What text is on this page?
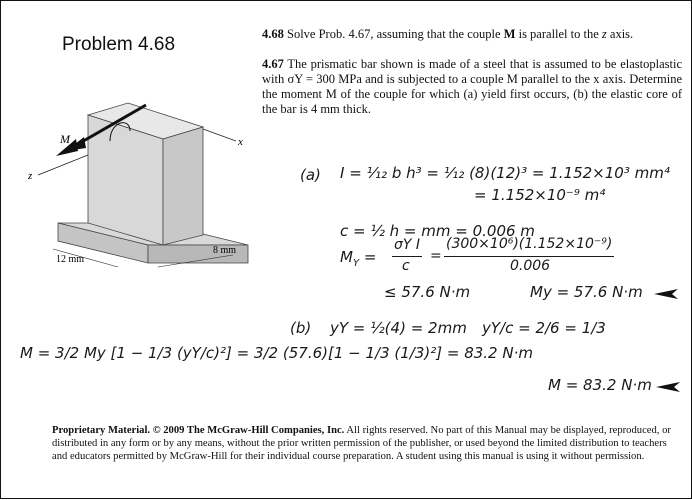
Problem 4.68	4.68 Solve Prob. 4.67, assuming that the couple M is parallel to the z axis.
4.67 The prismatic bar shown is made of a steel that is assumed to be elastoplastic with σY = 300 MPa and is subjected to a couple M parallel to the x axis. Determine the moment M of the couple for which (a) yield first occurs, (b) the elastic core of the bar is 4 mm thick.
M	x
z
12 mm
8 mm
(a) I = ¹⁄₁₂ b h³ = ¹⁄₁₂ (8)(12)³ = 1.152×10³ mm⁴
= 1.152×10⁻⁹ m⁴
c = ½ h = mm = 0.006 m
$M_Y$ =
σY I
c
=
(300×10⁶)(1.152×10⁻⁹)
0.006
≤ 57.6 N·m	My = 57.6 N·m
(b) yY = ½(4) = 2mm yY/c = 2/6 = 1/3
M = 3/2 My [1 − 1/3 (yY/c)²] = 3/2 (57.6)[1 − 1/3 (1/3)²] = 83.2 N·m
M = 83.2 N·m
Proprietary Material. © 2009 The McGraw-Hill Companies, Inc. All rights reserved. No part of this Manual may be displayed, reproduced, or distributed in any form or by any means, without the prior written permission of the publisher, or used beyond the limited distribution to teachers and educators permitted by McGraw-Hill for their individual course preparation. A student using this manual is using it without permission.
